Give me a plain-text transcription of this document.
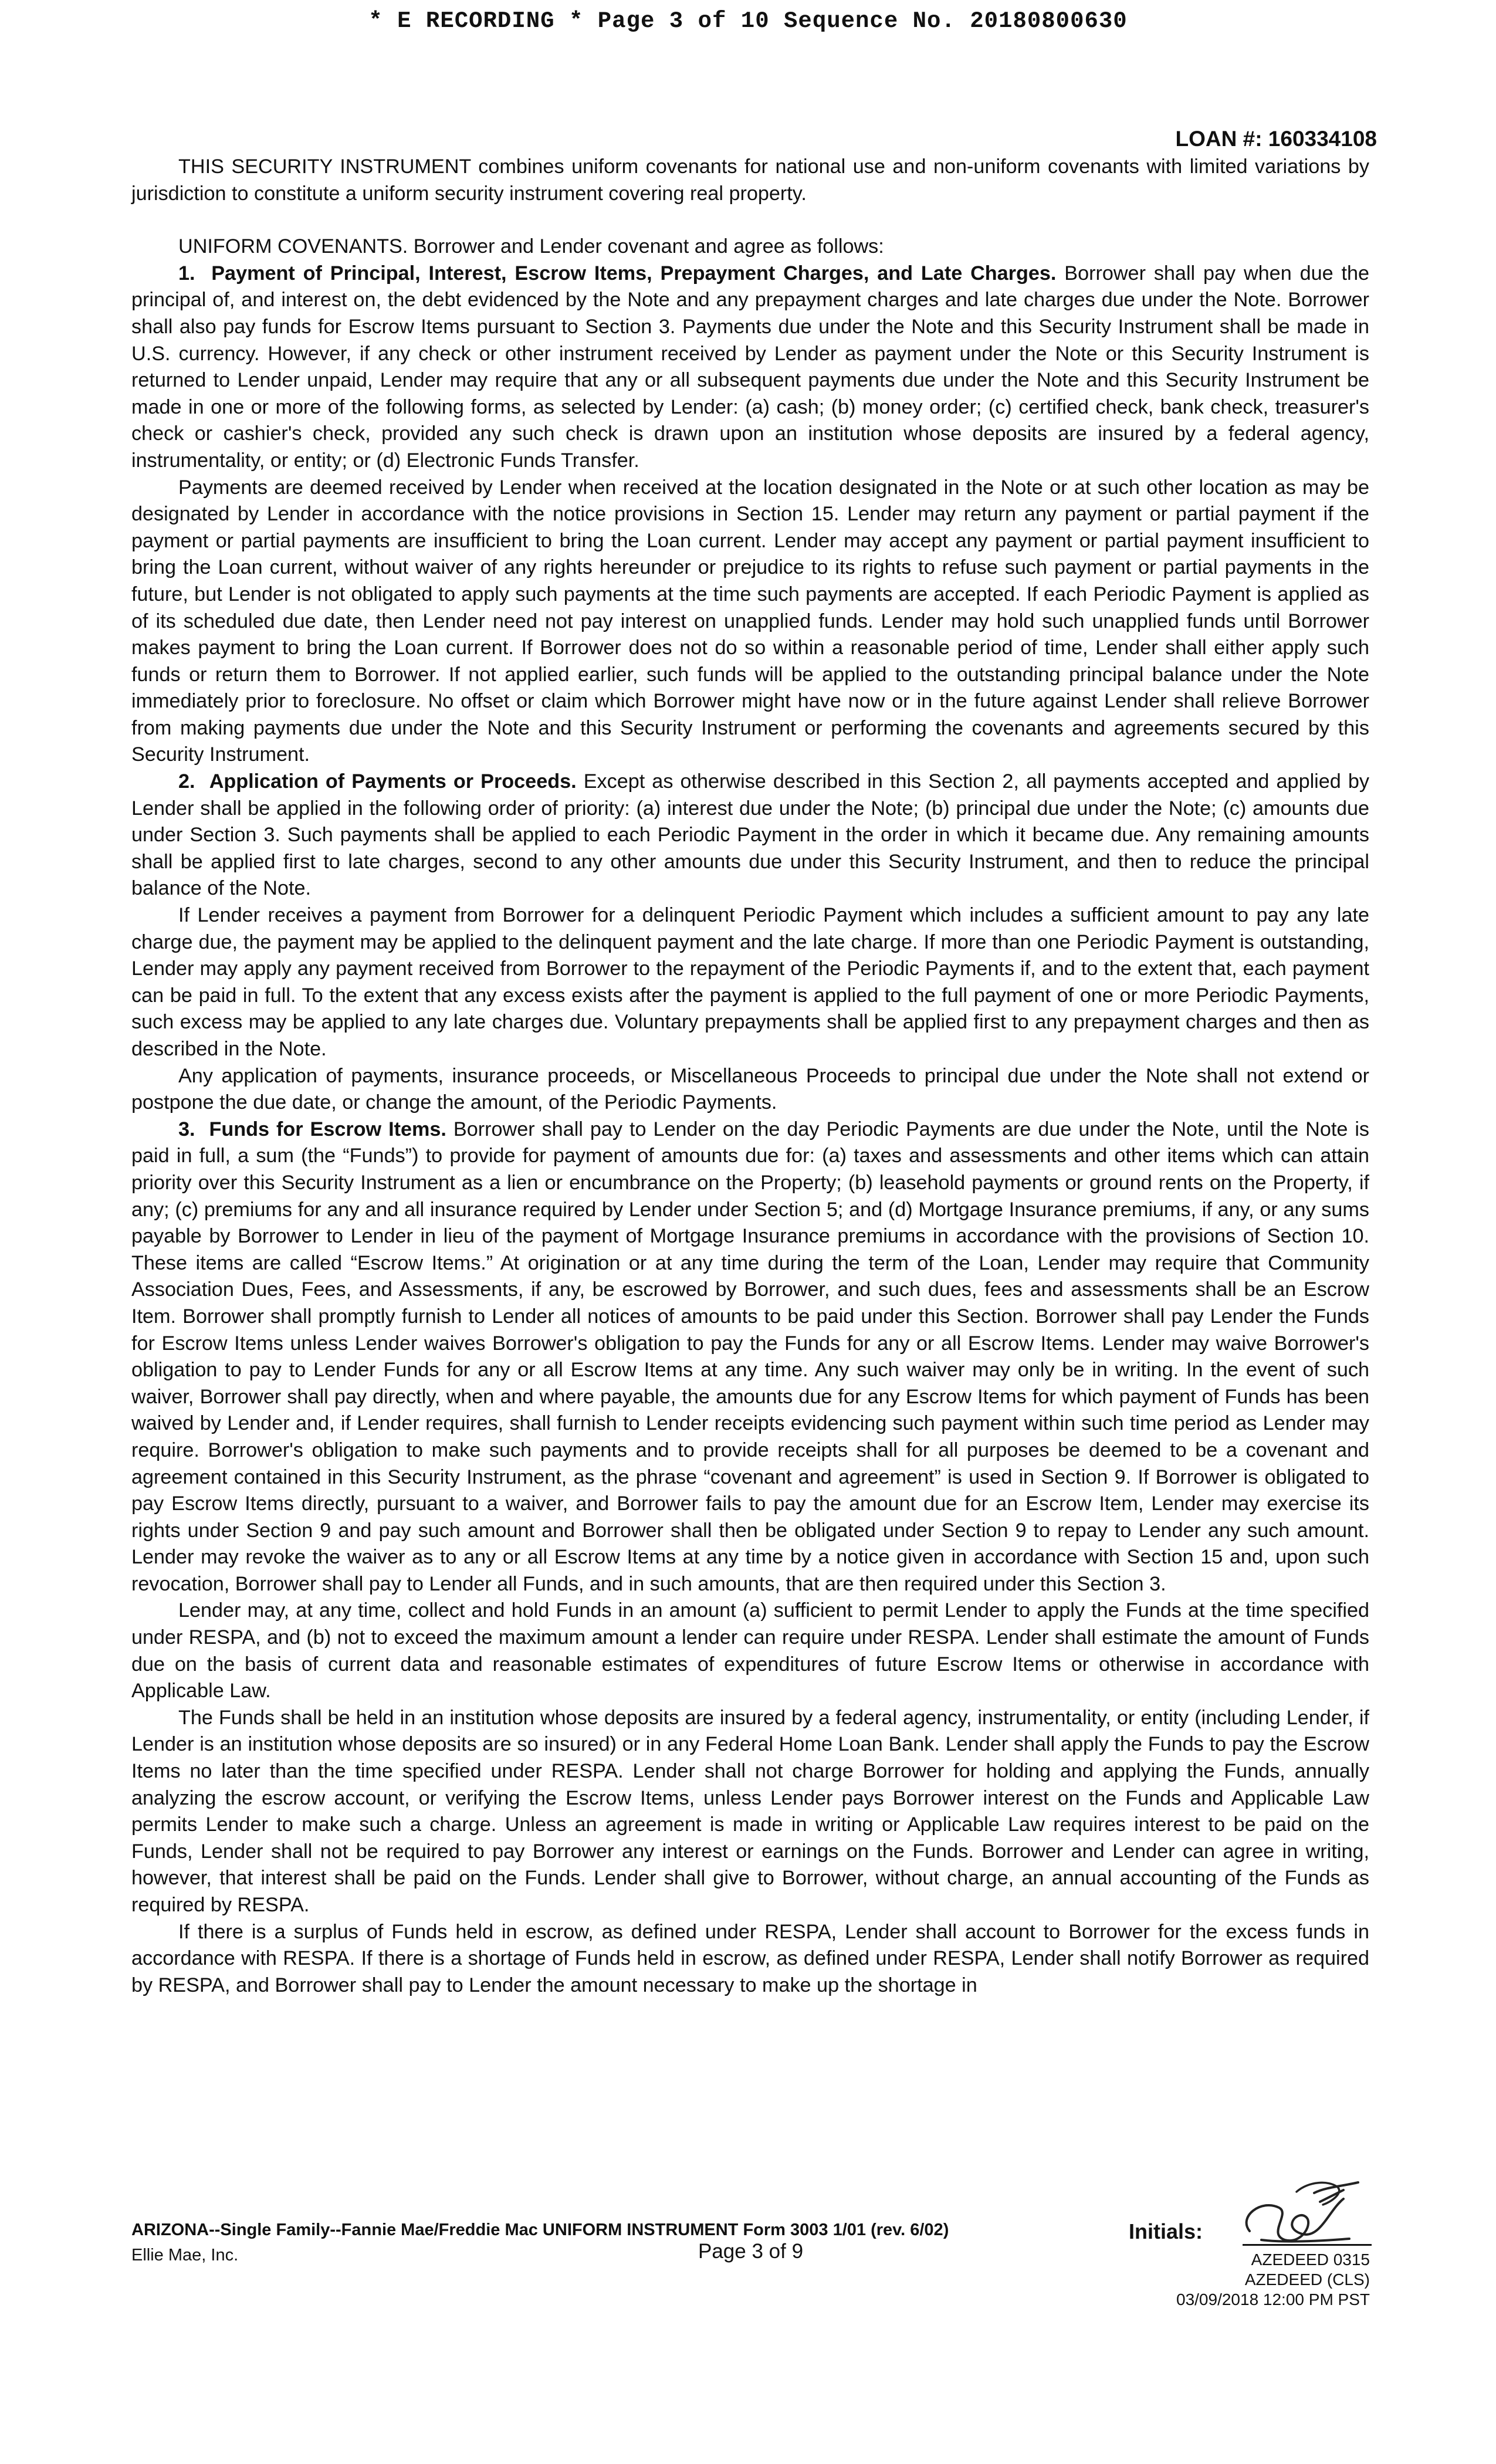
* E RECORDING * Page 3 of 10 Sequence No. 20180800630
LOAN #: 160334108

THIS SECURITY INSTRUMENT combines uniform covenants for national use and non-uniform covenants with limited variations by jurisdiction to constitute a uniform security instrument covering real property.

UNIFORM COVENANTS. Borrower and Lender covenant and agree as follows:

1. Payment of Principal, Interest, Escrow Items, Prepayment Charges, and Late Charges. Borrower shall pay when due the principal of, and interest on, the debt evidenced by the Note and any prepayment charges and late charges due under the Note. Borrower shall also pay funds for Escrow Items pursuant to Section 3. Payments due under the Note and this Security Instrument shall be made in U.S. currency. However, if any check or other instrument received by Lender as payment under the Note or this Security Instrument is returned to Lender unpaid, Lender may require that any or all subsequent payments due under the Note and this Security Instrument be made in one or more of the following forms, as selected by Lender: (a) cash; (b) money order; (c) certified check, bank check, treasurer's check or cashier's check, provided any such check is drawn upon an institution whose deposits are insured by a federal agency, instrumentality, or entity; or (d) Electronic Funds Transfer.

Payments are deemed received by Lender when received at the location designated in the Note or at such other location as may be designated by Lender in accordance with the notice provisions in Section 15. Lender may return any payment or partial payment if the payment or partial payments are insufficient to bring the Loan current. Lender may accept any payment or partial payment insufficient to bring the Loan current, without waiver of any rights hereunder or prejudice to its rights to refuse such payment or partial payments in the future, but Lender is not obligated to apply such payments at the time such payments are accepted. If each Periodic Payment is applied as of its scheduled due date, then Lender need not pay interest on unapplied funds. Lender may hold such unapplied funds until Borrower makes payment to bring the Loan current. If Borrower does not do so within a reasonable period of time, Lender shall either apply such funds or return them to Borrower. If not applied earlier, such funds will be applied to the outstanding principal balance under the Note immediately prior to foreclosure. No offset or claim which Borrower might have now or in the future against Lender shall relieve Borrower from making payments due under the Note and this Security Instrument or performing the covenants and agreements secured by this Security Instrument.

2. Application of Payments or Proceeds. Except as otherwise described in this Section 2, all payments accepted and applied by Lender shall be applied in the following order of priority: (a) interest due under the Note; (b) principal due under the Note; (c) amounts due under Section 3. Such payments shall be applied to each Periodic Payment in the order in which it became due. Any remaining amounts shall be applied first to late charges, second to any other amounts due under this Security Instrument, and then to reduce the principal balance of the Note.

If Lender receives a payment from Borrower for a delinquent Periodic Payment which includes a sufficient amount to pay any late charge due, the payment may be applied to the delinquent payment and the late charge. If more than one Periodic Payment is outstanding, Lender may apply any payment received from Borrower to the repayment of the Periodic Payments if, and to the extent that, each payment can be paid in full. To the extent that any excess exists after the payment is applied to the full payment of one or more Periodic Payments, such excess may be applied to any late charges due. Voluntary prepayments shall be applied first to any prepayment charges and then as described in the Note.

Any application of payments, insurance proceeds, or Miscellaneous Proceeds to principal due under the Note shall not extend or postpone the due date, or change the amount, of the Periodic Payments.

3. Funds for Escrow Items. Borrower shall pay to Lender on the day Periodic Payments are due under the Note, until the Note is paid in full, a sum (the “Funds”) to provide for payment of amounts due for: (a) taxes and assessments and other items which can attain priority over this Security Instrument as a lien or encumbrance on the Property; (b) leasehold payments or ground rents on the Property, if any; (c) premiums for any and all insurance required by Lender under Section 5; and (d) Mortgage Insurance premiums, if any, or any sums payable by Borrower to Lender in lieu of the payment of Mortgage Insurance premiums in accordance with the provisions of Section 10. These items are called “Escrow Items.” At origination or at any time during the term of the Loan, Lender may require that Community Association Dues, Fees, and Assessments, if any, be escrowed by Borrower, and such dues, fees and assessments shall be an Escrow Item. Borrower shall promptly furnish to Lender all notices of amounts to be paid under this Section. Borrower shall pay Lender the Funds for Escrow Items unless Lender waives Borrower's obligation to pay the Funds for any or all Escrow Items. Lender may waive Borrower's obligation to pay to Lender Funds for any or all Escrow Items at any time. Any such waiver may only be in writing. In the event of such waiver, Borrower shall pay directly, when and where payable, the amounts due for any Escrow Items for which payment of Funds has been waived by Lender and, if Lender requires, shall furnish to Lender receipts evidencing such payment within such time period as Lender may require. Borrower's obligation to make such payments and to provide receipts shall for all purposes be deemed to be a covenant and agreement contained in this Security Instrument, as the phrase “covenant and agreement” is used in Section 9. If Borrower is obligated to pay Escrow Items directly, pursuant to a waiver, and Borrower fails to pay the amount due for an Escrow Item, Lender may exercise its rights under Section 9 and pay such amount and Borrower shall then be obligated under Section 9 to repay to Lender any such amount. Lender may revoke the waiver as to any or all Escrow Items at any time by a notice given in accordance with Section 15 and, upon such revocation, Borrower shall pay to Lender all Funds, and in such amounts, that are then required under this Section 3.

Lender may, at any time, collect and hold Funds in an amount (a) sufficient to permit Lender to apply the Funds at the time specified under RESPA, and (b) not to exceed the maximum amount a lender can require under RESPA. Lender shall estimate the amount of Funds due on the basis of current data and reasonable estimates of expenditures of future Escrow Items or otherwise in accordance with Applicable Law.

The Funds shall be held in an institution whose deposits are insured by a federal agency, instrumentality, or entity (including Lender, if Lender is an institution whose deposits are so insured) or in any Federal Home Loan Bank. Lender shall apply the Funds to pay the Escrow Items no later than the time specified under RESPA. Lender shall not charge Borrower for holding and applying the Funds, annually analyzing the escrow account, or verifying the Escrow Items, unless Lender pays Borrower interest on the Funds and Applicable Law permits Lender to make such a charge. Unless an agreement is made in writing or Applicable Law requires interest to be paid on the Funds, Lender shall not be required to pay Borrower any interest or earnings on the Funds. Borrower and Lender can agree in writing, however, that interest shall be paid on the Funds. Lender shall give to Borrower, without charge, an annual accounting of the Funds as required by RESPA.

If there is a surplus of Funds held in escrow, as defined under RESPA, Lender shall account to Borrower for the excess funds in accordance with RESPA. If there is a shortage of Funds held in escrow, as defined under RESPA, Lender shall notify Borrower as required by RESPA, and Borrower shall pay to Lender the amount necessary to make up the shortage in

ARIZONA--Single Family--Fannie Mae/Freddie Mac UNIFORM INSTRUMENT Form 3003 1/01 (rev. 6/02)
Ellie Mae, Inc.	Page 3 of 9
Initials:
AZEDEED 0315
AZEDEED (CLS)
03/09/2018 12:00 PM PST
